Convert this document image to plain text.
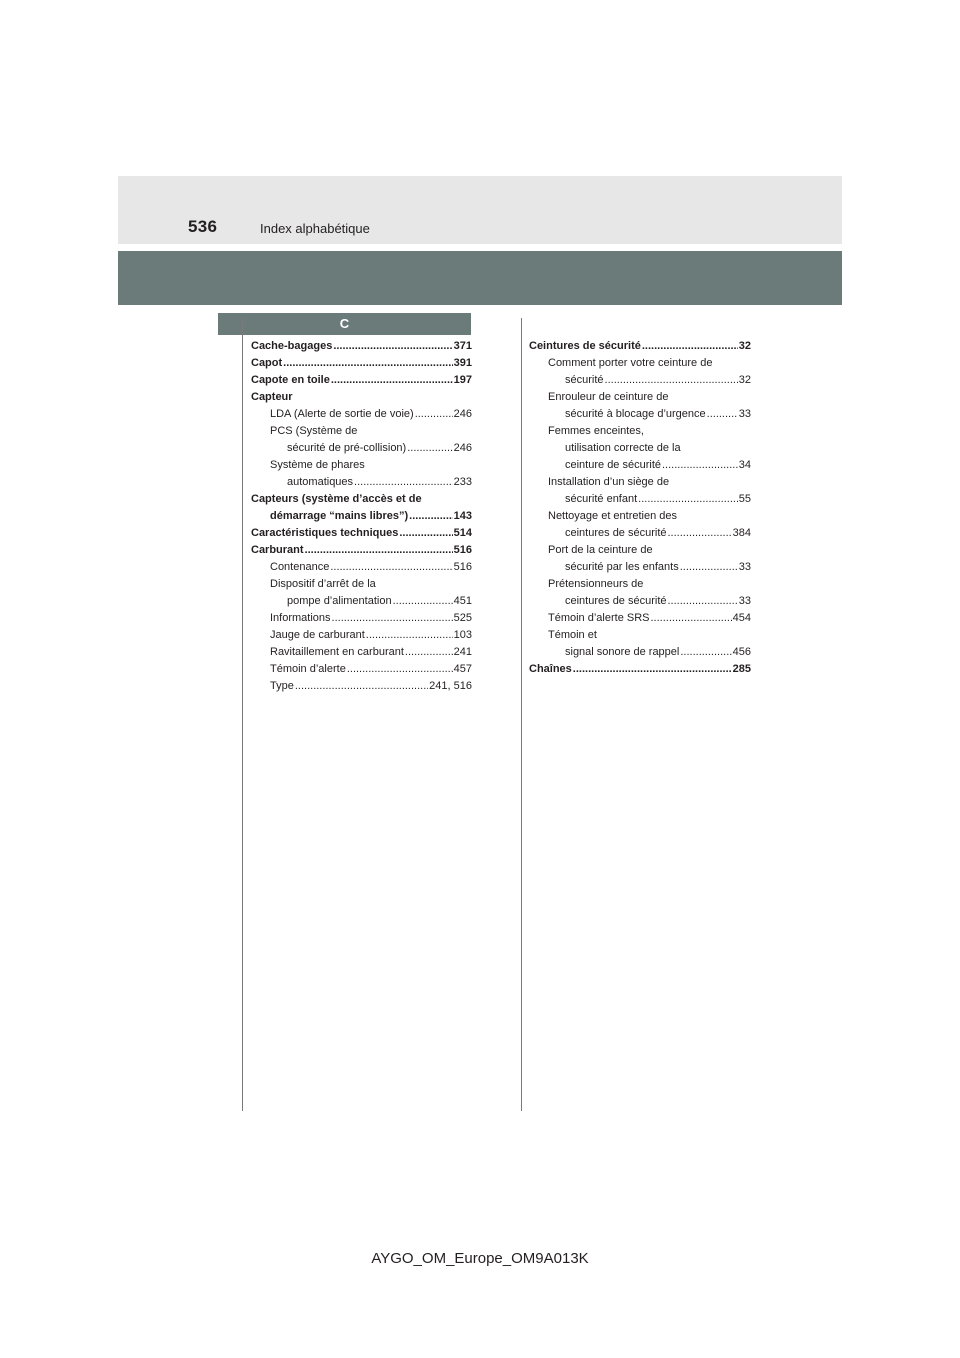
536	Index alphabétique
C
Cache-bagages .....	371
Capot .....	391
Capote en toile .....	197
Capteur
LDA (Alerte de sortie de voie) .....	246
PCS (Système de
sécurité de pré-collision) .....	246
Système de phares
automatiques .....	233
Capteurs (système d’accès et de
démarrage “mains libres”) .....	143
Caractéristiques techniques .....	514
Carburant .....	516
Contenance .....	516
Dispositif d’arrêt de la
pompe d’alimentation .....	451
Informations .....	525
Jauge de carburant .....	103
Ravitaillement en carburant .....	241
Témoin d’alerte .....	457
Type .....	241, 516
Ceintures de sécurité .....	32
Comment porter votre ceinture de
sécurité .....	32
Enrouleur de ceinture de
sécurité à blocage d’urgence .....	33
Femmes enceintes,
utilisation correcte de la
ceinture de sécurité .....	34
Installation d’un siège de
sécurité enfant .....	55
Nettoyage et entretien des
ceintures de sécurité .....	384
Port de la ceinture de
sécurité par les enfants .....	33
Prétensionneurs de
ceintures de sécurité .....	33
Témoin d’alerte SRS .....	454
Témoin et
signal sonore de rappel .....	456
Chaînes .....	285
AYGO_OM_Europe_OM9A013K
